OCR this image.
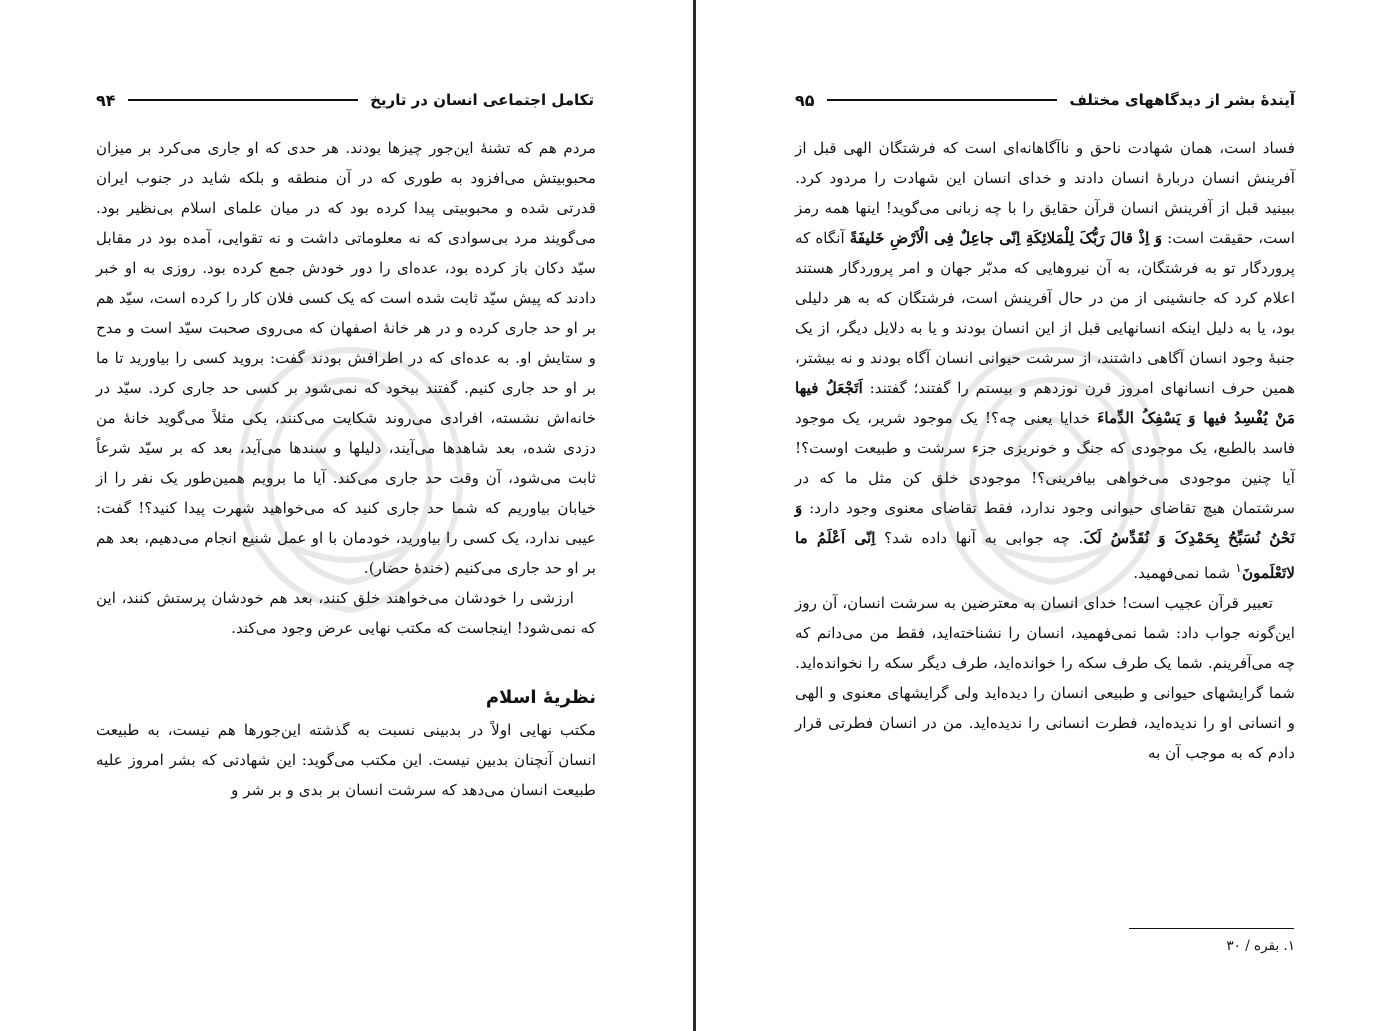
تکامل اجتماعی انسان در تاریخ
۹۴

مردم هم که تشنهٔ این‌جور چیزها بودند. هر حدی که او جاری می‌کرد بر میزان محبوبیتش می‌افزود به طوری که در آن منطقه و بلکه شاید در جنوب ایران قدرتی شده و محبوبیتی پیدا کرده بود که در میان علمای اسلام بی‌نظیر بود. می‌گویند مرد بی‌سوادی که نه معلوماتی داشت و نه تقوایی، آمده بود در مقابل سیّد دکان باز کرده بود، عده‌ای را دور خودش جمع کرده بود. روزی به او خبر دادند که پیش سیّد ثابت شده است که یک کسی فلان کار را کرده است، سیّد هم بر او حد جاری کرده و در هر خانهٔ اصفهان که می‌روی صحبت سیّد است و مدح و ستایش او. به عده‌ای که در اطرافش بودند گفت: بروید کسی را بیاورید تا ما بر او حد جاری کنیم. گفتند بیخود که نمی‌شود بر کسی حد جاری کرد. سیّد در خانه‌اش نشسته، افرادی می‌روند شکایت می‌کنند، یکی مثلاً می‌گوید خانهٔ من دزدی شده، بعد شاهدها می‌آیند، دلیلها و سندها می‌آید، بعد که بر سیّد شرعاً ثابت می‌شود، آن وقت حد جاری می‌کند. آیا ما برویم همین‌طور یک نفر را از خیابان بیاوریم که شما حد جاری کنید که می‌خواهید شهرت پیدا کنید؟! گفت: عیبی ندارد، یک کسی را بیاورید، خودمان با او عمل شنیع انجام می‌دهیم، بعد هم بر او حد جاری می‌کنیم (خندهٔ حضار).

ارزشی را خودشان می‌خواهند خلق کنند، بعد هم خودشان پرستش کنند، این که نمی‌شود! اینجاست که مکتب نهایی عرض وجود می‌کند.

نظریهٔ اسلام

مکتب نهایی اولاً در بدبینی نسبت به گذشته این‌جورها هم نیست، به طبیعت انسان آنچنان بدبین نیست. این مکتب می‌گوید: این شهادتی که بشر امروز علیه طبیعت انسان می‌دهد که سرشت انسان بر بدی و بر شر و

آیندهٔ بشر از دیدگاههای مختلف
۹۵

فساد است، همان شهادت ناحق و ناآگاهانه‌ای است که فرشتگان الهی قبل از آفرینش انسان دربارهٔ انسان دادند و خدای انسان این شهادت را مردود کرد. ببینید قبل از آفرینش انسان قرآن حقایق را با چه زبانی می‌گوید! اینها همه رمز است، حقیقت است: وَ اِذْ قالَ رَبُّکَ لِلْمَلائِکَةِ اِنّی جاعِلٌ فِی الْاَرْضِ خَلیفَةً آنگاه که پروردگار تو به فرشتگان، به آن نیروهایی که مدبّر جهان و امر پروردگار هستند اعلام کرد که جانشینی از من در حال آفرینش است، فرشتگان که به هر دلیلی بود، یا به دلیل اینکه انسانهایی قبل از این انسان بودند و یا به دلایل دیگر، از یک جنبهٔ وجود انسان آگاهی داشتند، از سرشت حیوانی انسان آگاه بودند و نه بیشتر، همین حرف انسانهای امروز قرن نوزدهم و بیستم را گفتند؛ گفتند: اَتَجْعَلُ فیها مَنْ یُفْسِدُ فیها وَ یَسْفِکُ الدِّماءَ خدایا یعنی چه؟! یک موجود شریر، یک موجود فاسد بالطبع، یک موجودی که جنگ و خونریزی جزء سرشت و طبیعت اوست؟! آیا چنین موجودی می‌خواهی بیافرینی؟! موجودی خلق کن مثل ما که در سرشتمان هیچ تقاضای حیوانی وجود ندارد، فقط تقاضای معنوی وجود دارد: وَ نَحْنُ نُسَبِّحُ بِحَمْدِکَ وَ نُقَدِّسُ لَکَ. چه جوابی به آنها داده شد؟ اِنّی اَعْلَمُ ما لاتَعْلَمونَ$^١$ شما نمی‌فهمید.

تعبیر قرآن عجیب است! خدای انسان به معترضین به سرشت انسان، آن روز این‌گونه جواب داد: شما نمی‌فهمید، انسان را نشناخته‌اید، فقط من می‌دانم که چه می‌آفرینم. شما یک طرف سکه را خوانده‌اید، طرف دیگر سکه را نخوانده‌اید. شما گرایشهای حیوانی و طبیعی انسان را دیده‌اید ولی گرایشهای معنوی و الهی و انسانی او را ندیده‌اید، فطرت انسانی را ندیده‌اید. من در انسان فطرتی قرار دادم که به موجب آن به

١. بقره / ٣٠
